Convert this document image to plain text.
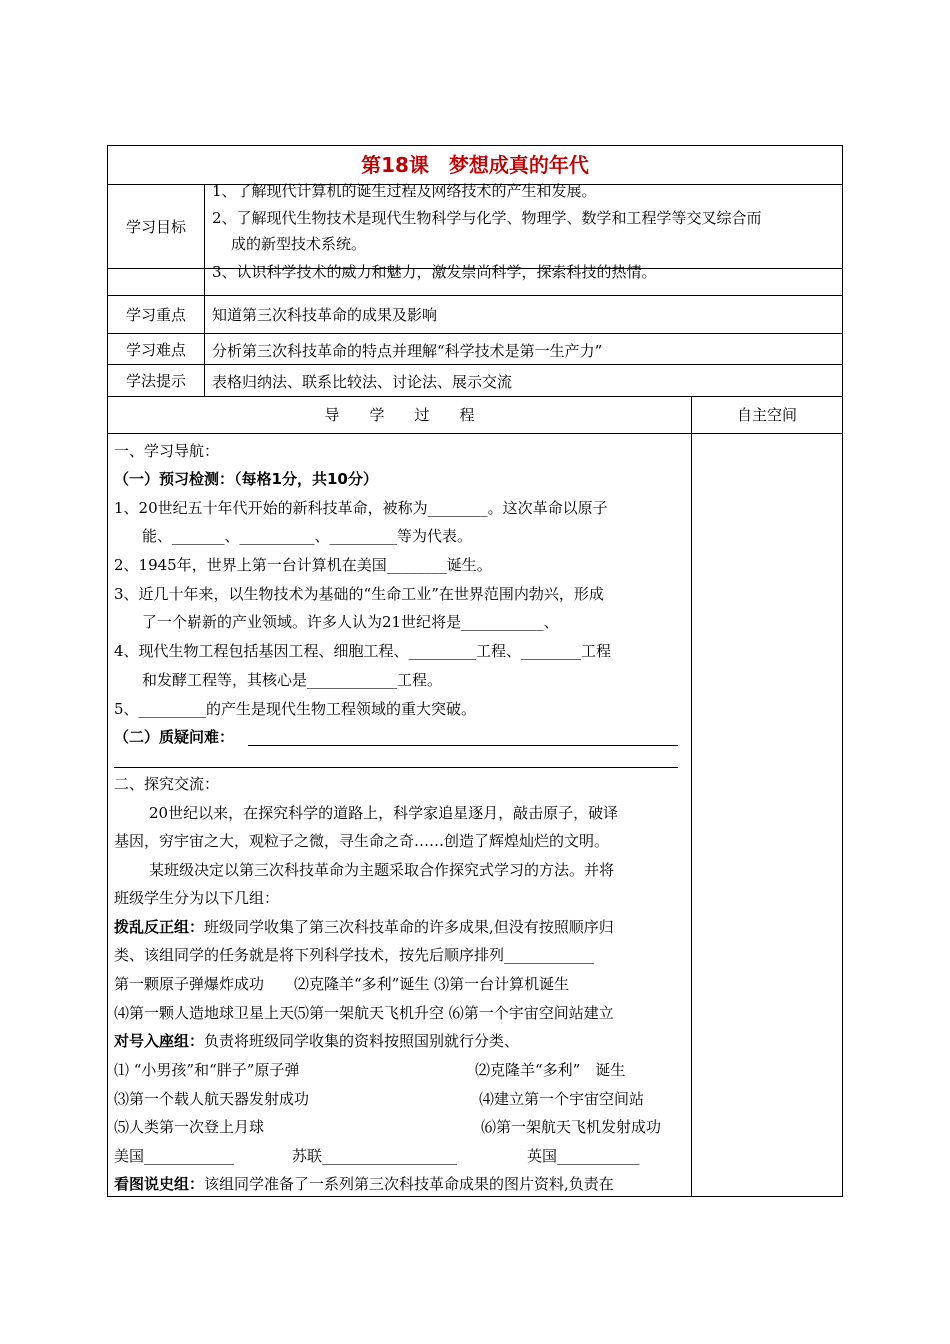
第18课　梦想成真的年代
学习目标
1、了解现代计算机的诞生过程及网络技术的产生和发展。
2、了解现代生物技术是现代生物科学与化学、物理学、数学和工程学等交叉综合而
成的新型技术系统。
3、认识科学技术的威力和魅力，激发崇尚科学，探索科技的热情。
学习重点	知道第三次科技革命的成果及影响
学习难点	分析第三次科技革命的特点并理解“科学技术是第一生产力”
学法提示	表格归纳法、联系比较法、讨论法、展示交流
导　　学　　过　　程	自主空间
一、学习导航：
（一）预习检测：（每格1分，共10分）
1、20世纪五十年代开始的新科技革命，被称为________。这次革命以原子
能、_______、__________、_________等为代表。
2、1945年，世界上第一台计算机在美国________诞生。
3、近几十年来，以生物技术为基础的“生命工业”在世界范围内勃兴，形成
了一个崭新的产业领域。许多人认为21世纪将是___________、
4、现代生物工程包括基因工程、细胞工程、_________工程、________工程
和发酵工程等，其核心是____________工程。
5、_________的产生是现代生物工程领域的重大突破。
（二）质疑问难：
二、探究交流：
20世纪以来，在探究科学的道路上，科学家追星逐月，敲击原子，破译
基因，穷宇宙之大，观粒子之微，寻生命之奇……创造了辉煌灿烂的文明。
某班级决定以第三次科技革命为主题采取合作探究式学习的方法。并将
班级学生分为以下几组：
拨乱反正组：班级同学收集了第三次科技革命的许多成果,但没有按照顺序归
类、该组同学的任务就是将下列科学技术，按先后顺序排列____________
第一颗原子弹爆炸成功　　⑵克隆羊“多利”诞生 ⑶第一台计算机诞生
⑷第一颗人造地球卫星上天⑸第一架航天飞机升空 ⑹第一个宇宙空间站建立
对号入座组：负责将班级同学收集的资料按照国别就行分类、
⑴ “小男孩”和“胖子”原子弹	⑵克隆羊“多利”　诞生
⑶第一个载人航天器发射成功	⑷建立第一个宇宙空间站
⑸人类第一次登上月球	⑹第一架航天飞机发射成功
美国____________	苏联__________________	英国___________
看图说史组：该组同学准备了一系列第三次科技革命成果的图片资料,负责在
